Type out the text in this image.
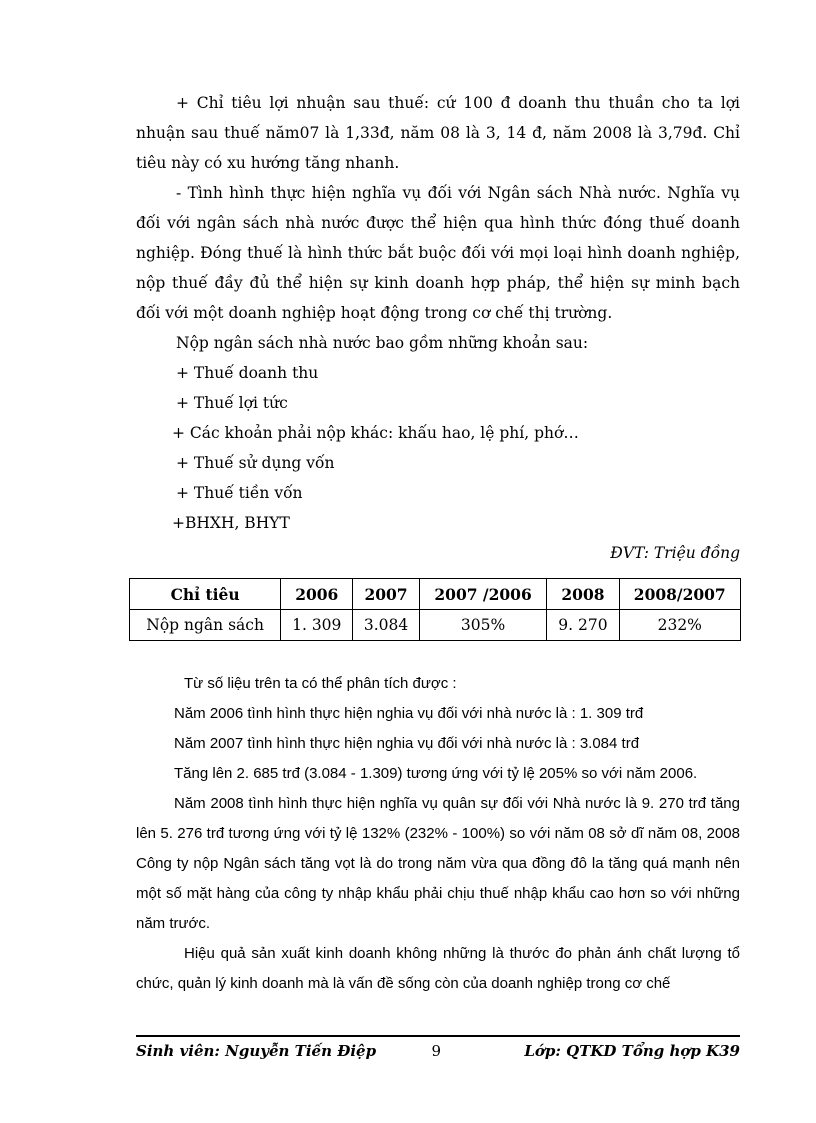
+ Chỉ tiêu lợi nhuận sau thuế: cứ 100 đ doanh thu thuần cho ta lợi nhuận sau thuế năm07 là 1,33đ, năm 08 là 3, 14 đ, năm 2008 là 3,79đ. Chỉ tiêu này có xu hướng tăng nhanh.

- Tình hình thực hiện nghĩa vụ đối với Ngân sách Nhà nước. Nghĩa vụ đối với ngân sách nhà nước được thể hiện qua hình thức đóng thuế doanh nghiệp. Đóng thuế là hình thức bắt buộc đối với mọi loại hình doanh nghiệp, nộp thuế đầy đủ thể hiện sự kinh doanh hợp pháp, thể hiện sự minh bạch đối với một doanh nghiệp hoạt động trong cơ chế thị trường.

Nộp ngân sách nhà nước bao gồm những khoản sau:

+ Thuế doanh thu

+ Thuế lợi tức

+ Các khoản phải nộp khác: khấu hao, lệ phí, phớ…

+ Thuế sử dụng vốn

+ Thuế tiền vốn

+BHXH, BHYT

ĐVT: Triệu đồng
Chỉ tiêu	2006	2007	2007 /2006	2008	2008/2007
Nộp ngân sách	1. 309	3.084	305%	9. 270	232%

Từ số liệu trên ta có thể phân tích được :

Năm 2006 tình hình thực hiện nghia vụ đối với nhà nước là : 1. 309 trđ

Năm 2007 tình hình thực hiện nghia vụ đối với nhà nước là : 3.084 trđ

Tăng lên 2. 685 trđ (3.084 - 1.309) tương ứng với tỷ lệ 205% so với năm 2006.

Năm 2008 tình hình thực hiện nghĩa vụ quân sự đối với Nhà nước là 9. 270 trđ tăng lên 5. 276 trđ tương ứng với tỷ lệ 132% (232% - 100%) so với năm 08 sở dĩ năm 08, 2008 Công ty nộp Ngân sách tăng vọt là do trong năm vừa qua đồng đô la tăng quá mạnh nên một số mặt hàng của công ty nhập khẩu phải chịu thuế nhập khẩu cao hơn so với những năm trước.

Hiệu quả sản xuất kinh doanh không những là thước đo phản ánh chất lượng tổ chức, quản lý kinh doanh mà là vấn đề sống còn của doanh nghiệp trong cơ chế

Sinh viên: Nguyễn Tiến Điệp	9	Lớp: QTKD Tổng hợp K39
